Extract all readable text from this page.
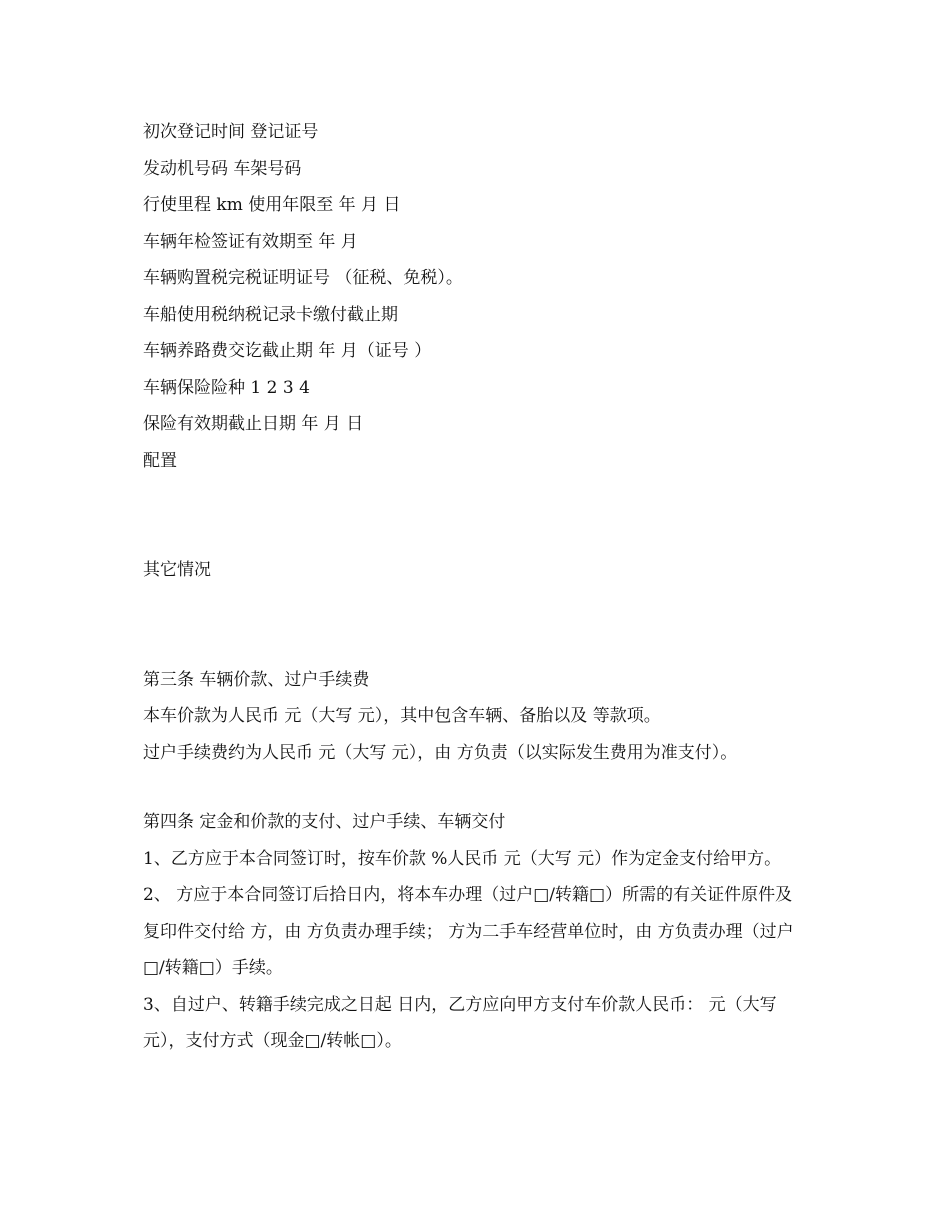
初次登记时间 登记证号

发动机号码 车架号码

行使里程 km 使用年限至 年 月 日

车辆年检签证有效期至 年 月

车辆购置税完税证明证号 （征税、免税）。

车船使用税纳税记录卡缴付截止期

车辆养路费交讫截止期 年 月（证号 ）

车辆保险险种 1 2 3 4

保险有效期截止日期 年 月 日

配置

其它情况

第三条 车辆价款、过户手续费

本车价款为人民币 元（大写 元），其中包含车辆、备胎以及 等款项。

过户手续费约为人民币 元（大写 元），由 方负责（以实际发生费用为准支付）。

第四条 定金和价款的支付、过户手续、车辆交付

1、乙方应于本合同签订时，按车价款 %人民币 元（大写 元）作为定金支付给甲方。

2、 方应于本合同签订后拾日内，将本车办理（过户□/转籍□）所需的有关证件原件及复印件交付给 方，由 方负责办理手续； 方为二手车经营单位时，由 方负责办理（过户□/转籍□）手续。

3、自过户、转籍手续完成之日起 日内，乙方应向甲方支付车价款人民币： 元（大写 元），支付方式（现金□/转帐□）。
